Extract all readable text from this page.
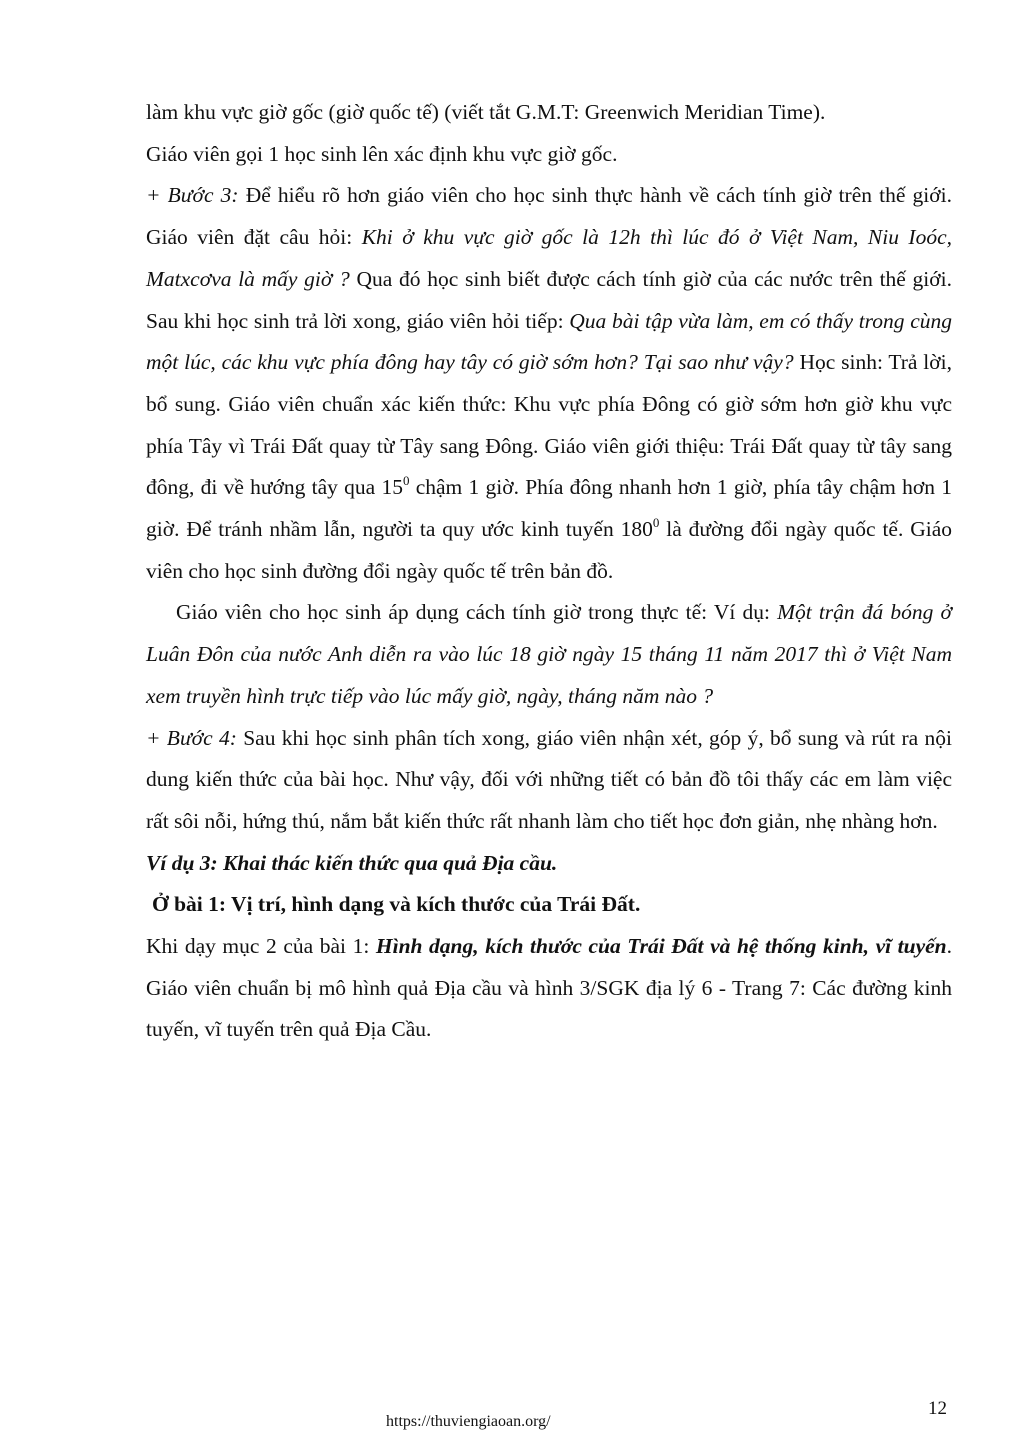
làm khu vực giờ gốc (giờ quốc tế) (viết tắt G.M.T: Greenwich Meridian Time).
Giáo viên gọi 1 học sinh lên xác định khu vực giờ gốc.

+ Bước 3: Để hiểu rõ hơn giáo viên cho học sinh thực hành về cách tính giờ trên thế giới. Giáo viên đặt câu hỏi: Khi ở khu vực giờ gốc là 12h thì lúc đó ở Việt Nam, Niu Ioóc, Matxcơva là mấy giờ ? Qua đó học sinh biết được cách tính giờ của các nước trên thế giới. Sau khi học sinh trả lời xong, giáo viên hỏi tiếp: Qua bài tập vừa làm, em có thấy trong cùng một lúc, các khu vực phía đông hay tây có giờ sớm hơn? Tại sao như vậy? Học sinh: Trả lời, bổ sung. Giáo viên chuẩn xác kiến thức: Khu vực phía Đông có giờ sớm hơn giờ khu vực phía Tây vì Trái Đất quay từ Tây sang Đông. Giáo viên giới thiệu: Trái Đất quay từ tây sang đông, đi về hướng tây qua $15^0$ chậm 1 giờ. Phía đông nhanh hơn 1 giờ, phía tây chậm hơn 1 giờ. Để tránh nhầm lẫn, người ta quy ước kinh tuyến $180^0$ là đường đổi ngày quốc tế. Giáo viên cho học sinh đường đổi ngày quốc tế trên bản đồ.

Giáo viên cho học sinh áp dụng cách tính giờ trong thực tế: Ví dụ: Một trận đá bóng ở Luân Đôn của nước Anh diễn ra vào lúc 18 giờ ngày 15 tháng 11 năm 2017 thì ở Việt Nam xem truyền hình trực tiếp vào lúc mấy giờ, ngày, tháng năm nào ?

+ Bước 4: Sau khi học sinh phân tích xong, giáo viên nhận xét, góp ý, bổ sung và rút ra nội dung kiến thức của bài học. Như vậy, đối với những tiết có bản đồ tôi thấy các em làm việc rất sôi nỗi, hứng thú, nắm bắt kiến thức rất nhanh làm cho tiết học đơn giản, nhẹ nhàng hơn.

Ví dụ 3: Khai thác kiến thức qua quả Địa cầu.

Ở bài 1: Vị trí, hình dạng và kích thước của Trái Đất.

Khi dạy mục 2 của bài 1: Hình dạng, kích thước của Trái Đất và hệ thống kinh, vĩ tuyến. Giáo viên chuẩn bị mô hình quả Địa cầu và hình 3/SGK địa lý 6 - Trang 7: Các đường kinh tuyến, vĩ tuyến trên quả Địa Cầu.

12
https://thuviengiaoan.org/
